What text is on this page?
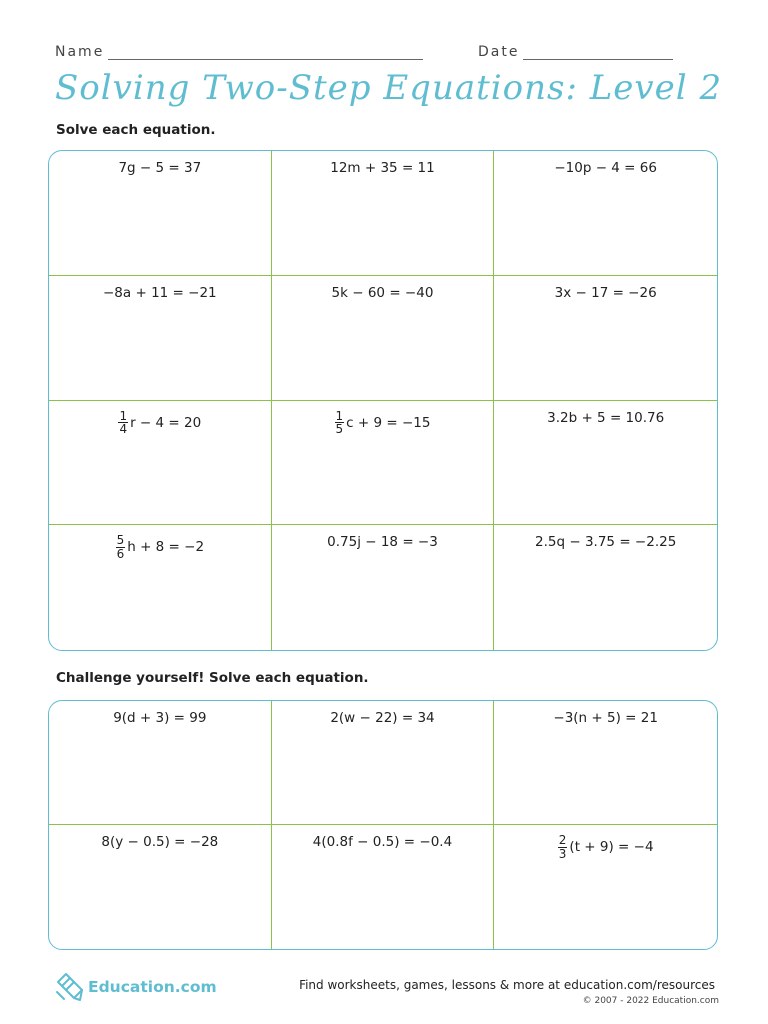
Name	Date
Solving Two-Step Equations: Level 2
Solve each equation.
7g − 5 = 37	12m + 35 = 11	−10p − 4 = 66
−8a + 11 = −21	5k − 60 = −40	3x − 17 = −26
$\frac{1}{4}$ r − 4 = 20	$\frac{1}{5}$ c + 9 = −15	3.2b + 5 = 10.76
$\frac{5}{6}$ h + 8 = −2	0.75j − 18 = −3	2.5q − 3.75 = −2.25
Challenge yourself! Solve each equation.
9(d + 3) = 99	2(w − 22) = 34	−3(n + 5) = 21
8(y − 0.5) = −28	4(0.8f − 0.5) = −0.4	$\frac{2}{3} (t + 9) = -4$
Education.com	Find worksheets, games, lessons & more at education.com/resources
© 2007 - 2022 Education.com
